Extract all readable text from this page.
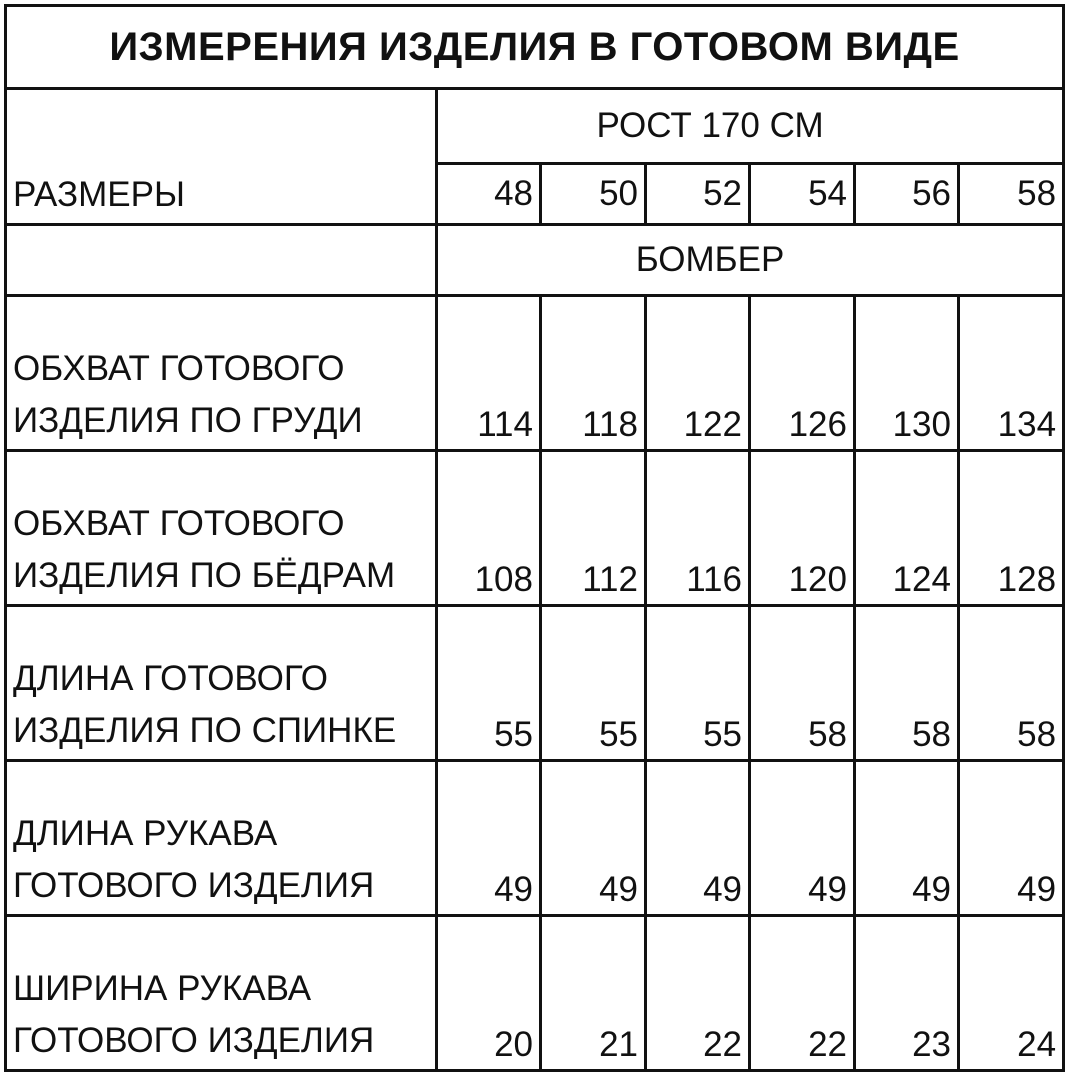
ИЗМЕРЕНИЯ ИЗДЕЛИЯ В ГОТОВОМ ВИДЕ						
РАЗМЕРЫ	РОСТ 170 СМ					
	48	50	52	54	56	58
	БОМБЕР					

ОБХВАТ ГОТОВОГО
ИЗДЕЛИЯ ПО ГРУДИ	114	118	122	126	130	134

ОБХВАТ ГОТОВОГО
ИЗДЕЛИЯ ПО БЁДРАМ	108	112	116	120	124	128

ДЛИНА ГОТОВОГО
ИЗДЕЛИЯ ПО СПИНКЕ	55	55	55	58	58	58

ДЛИНА РУКАВА
ГОТОВОГО ИЗДЕЛИЯ	49	49	49	49	49	49

ШИРИНА РУКАВА
ГОТОВОГО ИЗДЕЛИЯ	20	21	22	22	23	24
